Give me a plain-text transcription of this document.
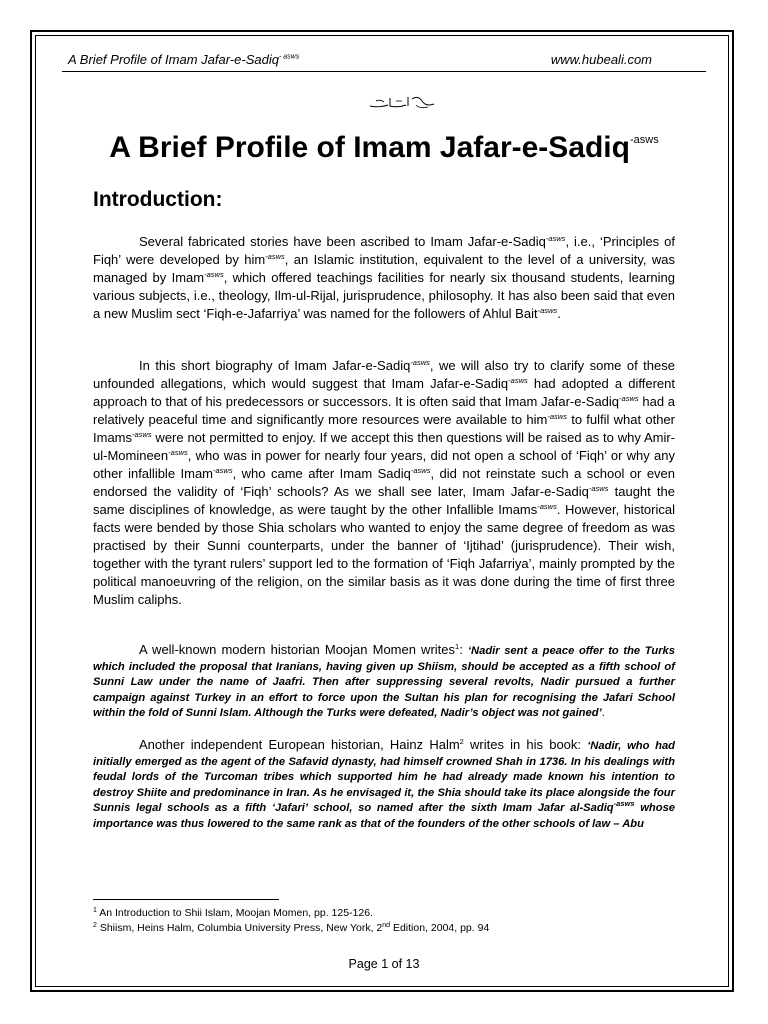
A Brief Profile of Imam Jafar-e-Sadiq$^{- asws}$	www.hubeali.com
A Brief Profile of Imam Jafar-e-Sadiq$^{-asws}$
Introduction:

Several fabricated stories have been ascribed to Imam Jafar-e-Sadiq$^{-asws}$, i.e., ‘Principles of Fiqh’ were developed by him$^{-asws}$, an Islamic institution, equivalent to the level of a university, was managed by Imam$^{-asws}$, which offered teachings facilities for nearly six thousand students, learning various subjects, i.e., theology, Ilm-ul-Rijal, jurisprudence, philosophy. It has also been said that even a new Muslim sect ‘Fiqh-e-Jafarriya’ was named for the followers of Ahlul Bait$^{-asws}$.

In this short biography of Imam Jafar-e-Sadiq$^{-asws}$, we will also try to clarify some of these unfounded allegations, which would suggest that Imam Jafar-e-Sadiq$^{-asws}$ had adopted a different approach to that of his predecessors or successors. It is often said that Imam Jafar-e-Sadiq$^{-asws}$ had a relatively peaceful time and significantly more resources were available to him$^{-asws}$ to fulfil what other Imams$^{-asws}$ were not permitted to enjoy. If we accept this then questions will be raised as to why Amir-ul-Momineen$^{-asws}$, who was in power for nearly four years, did not open a school of ‘Fiqh’ or why any other infallible Imam$^{-asws}$, who came after Imam Sadiq$^{-asws}$, did not reinstate such a school or even endorsed the validity of ‘Fiqh’ schools? As we shall see later, Imam Jafar-e-Sadiq$^{-asws}$ taught the same disciplines of knowledge, as were taught by the other Infallible Imams$^{-asws}$. However, historical facts were bended by those Shia scholars who wanted to enjoy the same degree of freedom as was practised by their Sunni counterparts, under the banner of ‘Ijtihad’ (jurisprudence). Their wish, together with the tyrant rulers’ support led to the formation of ‘Fiqh Jafarriya’, mainly prompted by the political manoeuvring of the religion, on the similar basis as it was done during the time of first three Muslim caliphs.

A well-known modern historian Moojan Momen writes$^1$: ‘Nadir sent a peace offer to the Turks which included the proposal that Iranians, having given up Shiism, should be accepted as a fifth school of Sunni Law under the name of Jaafri. Then after suppressing several revolts, Nadir pursued a further campaign against Turkey in an effort to force upon the Sultan his plan for recognising the Jafari School within the fold of Sunni Islam. Although the Turks were defeated, Nadir’s object was not gained’.

Another independent European historian, Hainz Halm$^2$ writes in his book: ‘Nadir, who had initially emerged as the agent of the Safavid dynasty, had himself crowned Shah in 1736. In his dealings with feudal lords of the Turcoman tribes which supported him he had already made known his intention to destroy Shiite and predominance in Iran. As he envisaged it, the Shia should take its place alongside the four Sunnis legal schools as a fifth ‘Jafari’ school, so named after the sixth Imam Jafar al-Sadiq$^{-asws}$ whose importance was thus lowered to the same rank as that of the founders of the other schools of law – Abu

$^1$ An Introduction to Shii Islam, Moojan Momen, pp. 125-126.
$^2$ Shiism, Heins Halm, Columbia University Press, New York, 2nd Edition, 2004, pp. 94
Page 1 of 13
